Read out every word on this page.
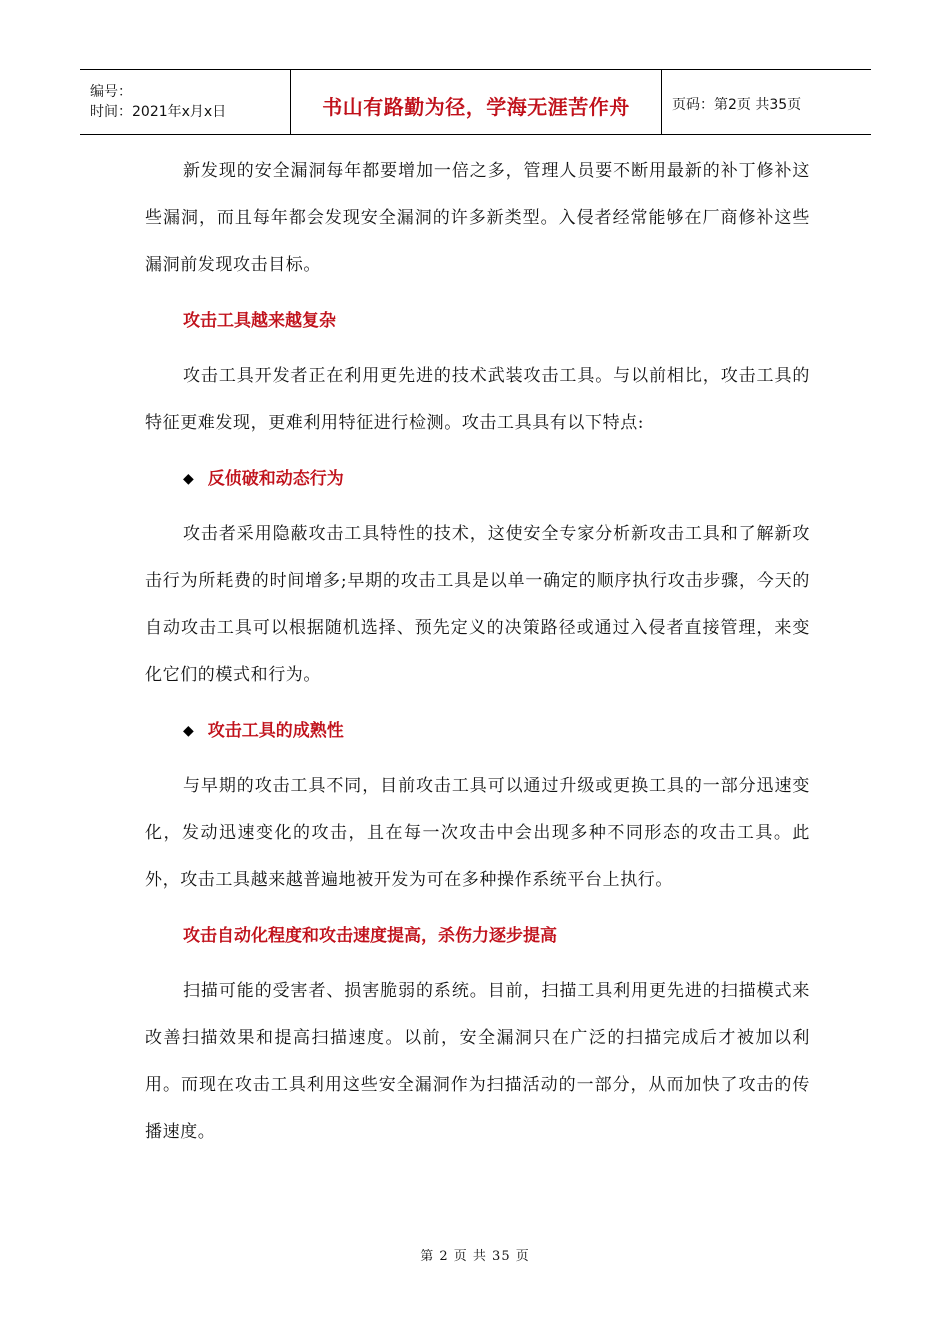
编号：
时间：2021年x月x日	书山有路勤为径，学海无涯苦作舟	页码：第2页 共35页

新发现的安全漏洞每年都要增加一倍之多，管理人员要不断用最新的补丁修补这些漏洞，而且每年都会发现安全漏洞的许多新类型。入侵者经常能够在厂商修补这些漏洞前发现攻击目标。

攻击工具越来越复杂

攻击工具开发者正在利用更先进的技术武装攻击工具。与以前相比，攻击工具的特征更难发现，更难利用特征进行检测。攻击工具具有以下特点:

◆ 反侦破和动态行为

攻击者采用隐蔽攻击工具特性的技术，这使安全专家分析新攻击工具和了解新攻击行为所耗费的时间增多;早期的攻击工具是以单一确定的顺序执行攻击步骤，今天的自动攻击工具可以根据随机选择、预先定义的决策路径或通过入侵者直接管理，来变化它们的模式和行为。

◆ 攻击工具的成熟性

与早期的攻击工具不同，目前攻击工具可以通过升级或更换工具的一部分迅速变化，发动迅速变化的攻击，且在每一次攻击中会出现多种不同形态的攻击工具。此外，攻击工具越来越普遍地被开发为可在多种操作系统平台上执行。

攻击自动化程度和攻击速度提高，杀伤力逐步提高

扫描可能的受害者、损害脆弱的系统。目前，扫描工具利用更先进的扫描模式来改善扫描效果和提高扫描速度。以前，安全漏洞只在广泛的扫描完成后才被加以利用。而现在攻击工具利用这些安全漏洞作为扫描活动的一部分，从而加快了攻击的传播速度。

第 2 页 共 35 页
